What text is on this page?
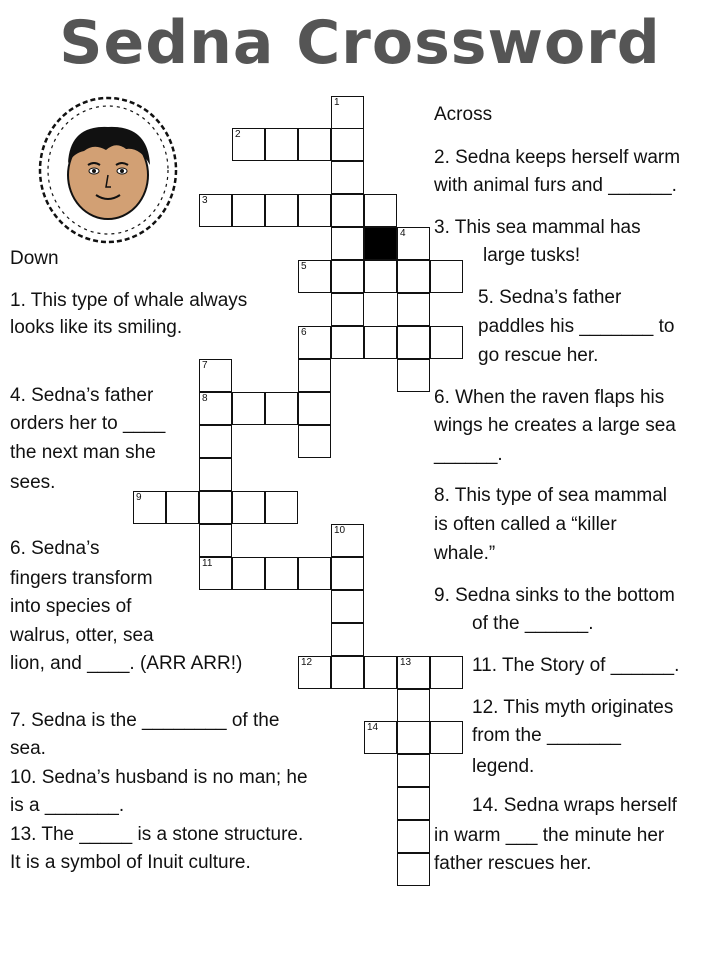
Sedna Crossword
1
2
3
4
5
6
7
8
11
9
10
12	13
14
Across
2. Sedna keeps herself warm
with animal furs and ______.
3. This sea mammal has
large tusks!
5. Sedna’s father
paddles his _______ to
go rescue her.
6. When the raven flaps his
wings he creates a large sea
______.
8. This type of sea mammal
is often called a “killer
whale.”
9. Sedna sinks to the bottom
of the ______.
11. The Story of ______.
12. This myth originates
from the _______
legend.
14. Sedna wraps herself
in warm ___ the minute her
father rescues her.
Down
1. This type of whale always
looks like its smiling.
4. Sedna’s father
orders her to ____
the next man she
sees.
6. Sedna’s
fingers transform
into species of
walrus, otter, sea
lion, and ____. (ARR ARR!)
7. Sedna is the ________ of the
sea.
10. Sedna’s husband is no man; he
is a _______.
13. The _____ is a stone structure.
It is a symbol of Inuit culture.
